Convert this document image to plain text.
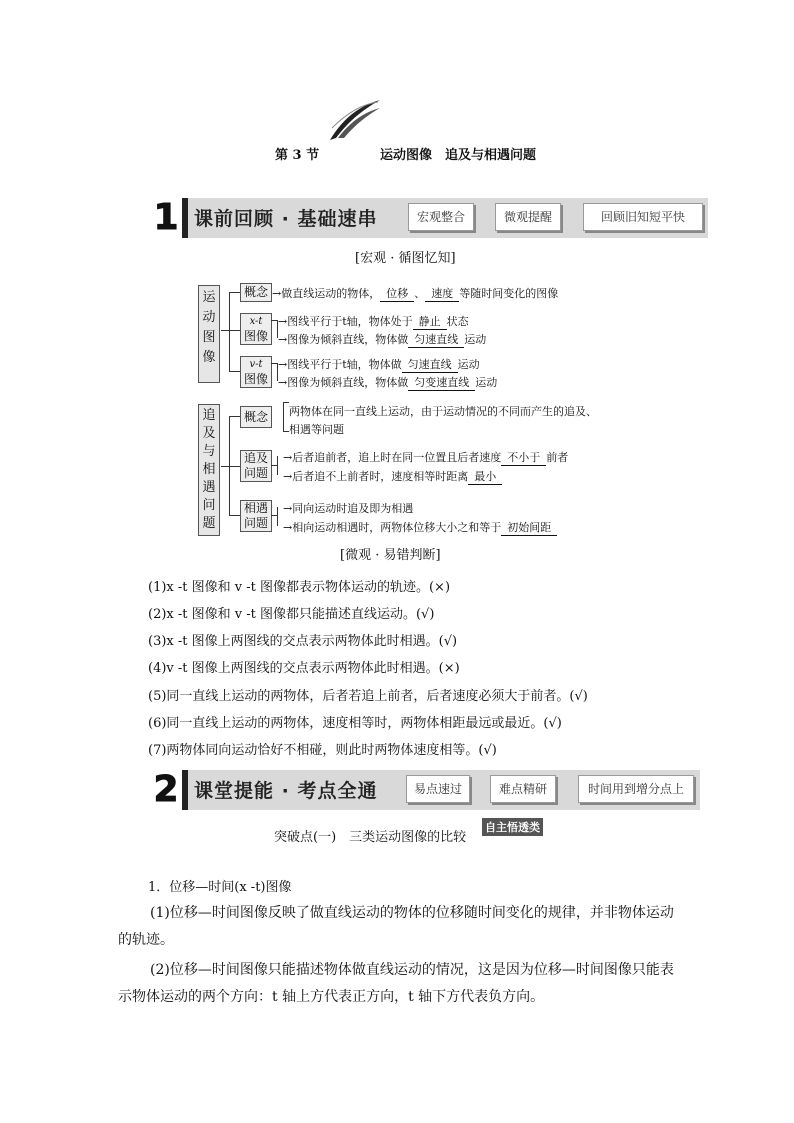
第 3 节	运动图像　追及与相遇问题
1 课前回顾 · 基础速串	宏观整合	微观提醒	回顾旧知短平快
[宏观 · 循图忆知]
运
动
图
像
概念 →做直线运动的物体， 位移 、 速度 等随时间变化的图像
x-t
图像
→图线平行于t轴，物体处于 静止 状态
→图像为倾斜直线，物体做 匀速直线 运动
v-t
图像
→图线平行于t轴，物体做 匀速直线 运动
→图像为倾斜直线，物体做 匀变速直线 运动
追
及
与
相
遇
问
题
概念	两物体在同一直线上运动，由于运动情况的不同而产生的追及、
相遇等问题
追及
问题
→后者追前者，追上时在同一位置且后者速度 不小于 前者
→后者追不上前者时，速度相等时距离 最小
相遇
问题
→同向运动时追及即为相遇
→相向运动相遇时，两物体位移大小之和等于 初始间距
[微观 · 易错判断]
(1)x -t 图像和 v -t 图像都表示物体运动的轨迹。(×)
(2)x -t 图像和 v -t 图像都只能描述直线运动。(√)
(3)x -t 图像上两图线的交点表示两物体此时相遇。(√)
(4)v -t 图像上两图线的交点表示两物体此时相遇。(×)
(5)同一直线上运动的两物体，后者若追上前者，后者速度必须大于前者。(√)
(6)同一直线上运动的两物体，速度相等时，两物体相距最远或最近。(√)
(7)两物体同向运动恰好不相碰，则此时两物体速度相等。(√)
2 课堂提能 · 考点全通	易点速过	难点精研	时间用到增分点上
突破点(一)　三类运动图像的比较
自主悟透类
1．位移—时间(x -t)图像
(1)位移—时间图像反映了做直线运动的物体的位移随时间变化的规律，并非物体运动
的轨迹。
(2)位移—时间图像只能描述物体做直线运动的情况，这是因为位移—时间图像只能表
示物体运动的两个方向：t 轴上方代表正方向，t 轴下方代表负方向。
